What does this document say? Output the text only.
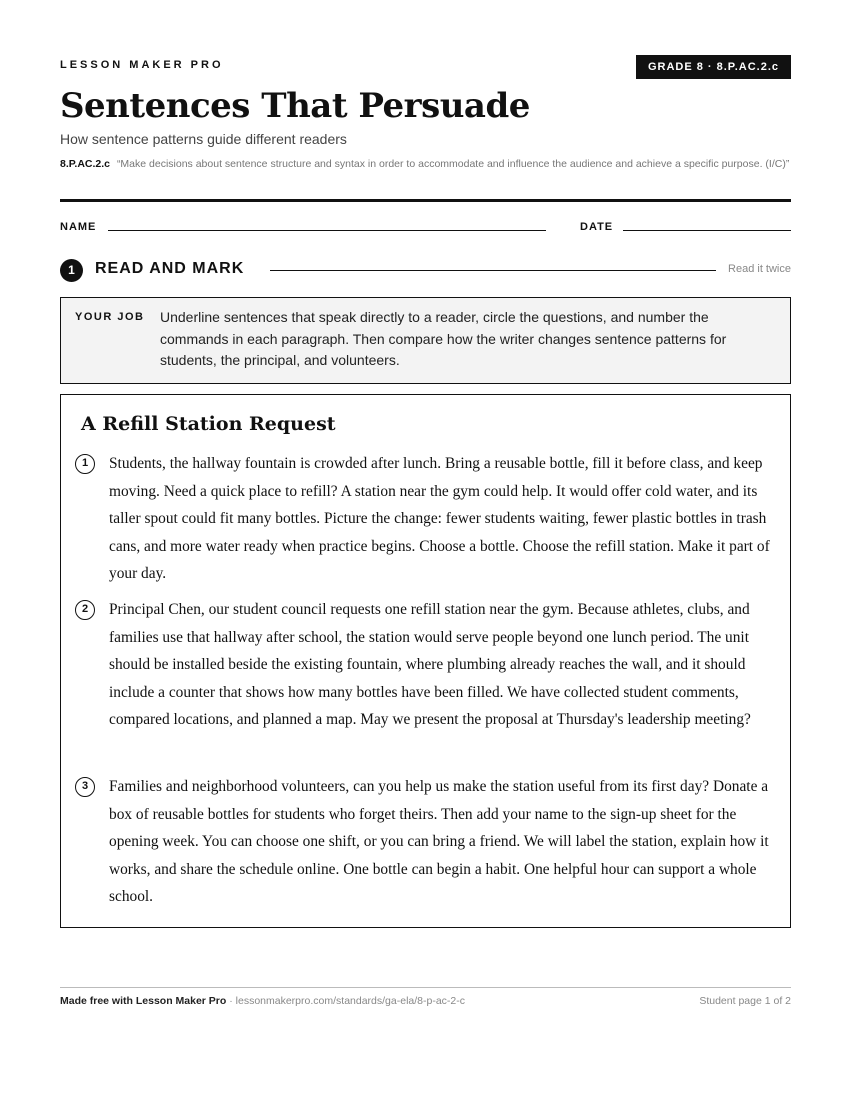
LESSON MAKER PRO	GRADE 8 · 8.P.AC.2.c
Sentences That Persuade
How sentence patterns guide different readers
8.P.AC.2.c “Make decisions about sentence structure and syntax in order to accommodate and influence the audience and achieve a specific purpose. (I/C)”
NAME	DATE
1	READ AND MARK	Read it twice
YOUR JOB Underline sentences that speak directly to a reader, circle the questions, and number the commands in each paragraph. Then compare how the writer changes sentence patterns for students, the principal, and volunteers.
A Refill Station Request
1	Students, the hallway fountain is crowded after lunch. Bring a reusable bottle, fill it before class, and keep moving. Need a quick place to refill? A station near the gym could help. It would offer cold water, and its taller spout could fit many bottles. Picture the change: fewer students waiting, fewer plastic bottles in trash cans, and more water ready when practice begins. Choose a bottle. Choose the refill station. Make it part of your day.
2	Principal Chen, our student council requests one refill station near the gym. Because athletes, clubs, and families use that hallway after school, the station would serve people beyond one lunch period. The unit should be installed beside the existing fountain, where plumbing already reaches the wall, and it should include a counter that shows how many bottles have been filled. We have collected student comments, compared locations, and planned a map. May we present the proposal at Thursday's leadership meeting?
3	Families and neighborhood volunteers, can you help us make the station useful from its first day? Donate a box of reusable bottles for students who forget theirs. Then add your name to the sign-up sheet for the opening week. You can choose one shift, or you can bring a friend. We will label the station, explain how it works, and share the schedule online. One bottle can begin a habit. One helpful hour can support a whole school.
Made free with Lesson Maker Pro · lessonmakerpro.com/standards/ga-ela/8-p-ac-2-c	Student page 1 of 2
